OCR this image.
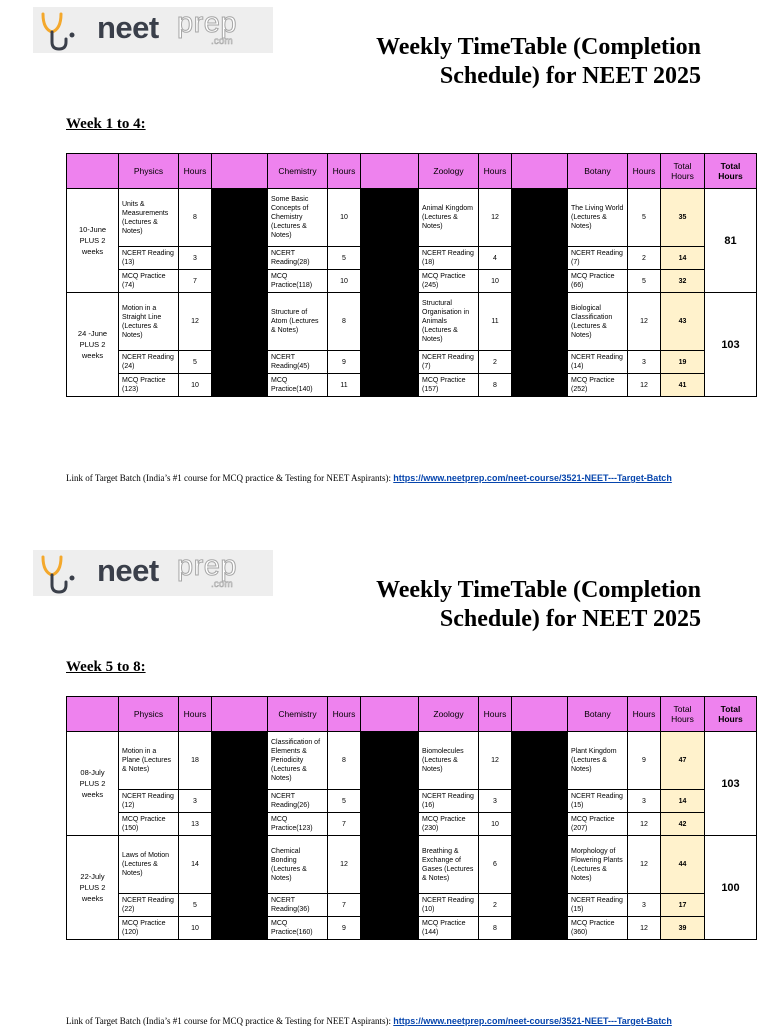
neet prep
.com	Weekly TimeTable (Completion
Schedule) for NEET 2025
Week 1 to 4:
	Physics	Hours		Chemistry	Hours		Zoology	Hours		Botany	Hours	Total Hours	Total Hours
10-June PLUS 2 weeks	Units & Measurements (Lectures & Notes)	8		Some Basic Concepts of Chemistry (Lectures & Notes)	10		Animal Kingdom (Lectures & Notes)	12		The Living World (Lectures & Notes)	5	35	81
	NCERT Reading (13)	3		NCERT Reading(28)	5		NCERT Reading (18)	4		NCERT Reading (7)	2	14	
	MCQ Practice (74)	7		MCQ Practice(118)	10		MCQ Practice (245)	10		MCQ Practice (66)	5	32	
24 -June PLUS 2 weeks	Motion in a Straight Line (Lectures & Notes)	12		Structure of Atom (Lectures & Notes)	8		Structural Organisation in Animals (Lectures & Notes)	11		Biological Classification (Lectures & Notes)	12	43	103
	NCERT Reading (24)	5		NCERT Reading(45)	9		NCERT Reading (7)	2		NCERT Reading (14)	3	19	
	MCQ Practice (123)	10		MCQ Practice(140)	11		MCQ Practice (157)	8		MCQ Practice (252)	12	41	
Link of Target Batch (India’s #1 course for MCQ practice & Testing for NEET Aspirants): https://www.neetprep.com/neet-course/3521-NEET---Target-Batch
neet prep
.com	Weekly TimeTable (Completion
Schedule) for NEET 2025
Week 5 to 8:
	Physics	Hours		Chemistry	Hours		Zoology	Hours		Botany	Hours	Total Hours	Total Hours
08-July PLUS 2 weeks	Motion in a Plane (Lectures & Notes)	18		Classification of Elements & Periodicity (Lectures & Notes)	8		Biomolecules (Lectures & Notes)	12		Plant Kingdom (Lectures & Notes)	9	47	103
	NCERT Reading (12)	3		NCERT Reading(26)	5		NCERT Reading (16)	3		NCERT Reading (15)	3	14	
	MCQ Practice (150)	13		MCQ Practice(123)	7		MCQ Practice (230)	10		MCQ Practice (207)	12	42	
22-July PLUS 2 weeks	Laws of Motion (Lectures & Notes)	14		Chemical Bonding (Lectures & Notes)	12		Breathing & Exchange of Gases (Lectures & Notes)	6		Morphology of Flowering Plants (Lectures & Notes)	12	44	100
	NCERT Reading (22)	5		NCERT Reading(36)	7		NCERT Reading (10)	2		NCERT Reading (15)	3	17	
	MCQ Practice (120)	10		MCQ Practice(160)	9		MCQ Practice (144)	8		MCQ Practice (360)	12	39	
Link of Target Batch (India’s #1 course for MCQ practice & Testing for NEET Aspirants): https://www.neetprep.com/neet-course/3521-NEET---Target-Batch
